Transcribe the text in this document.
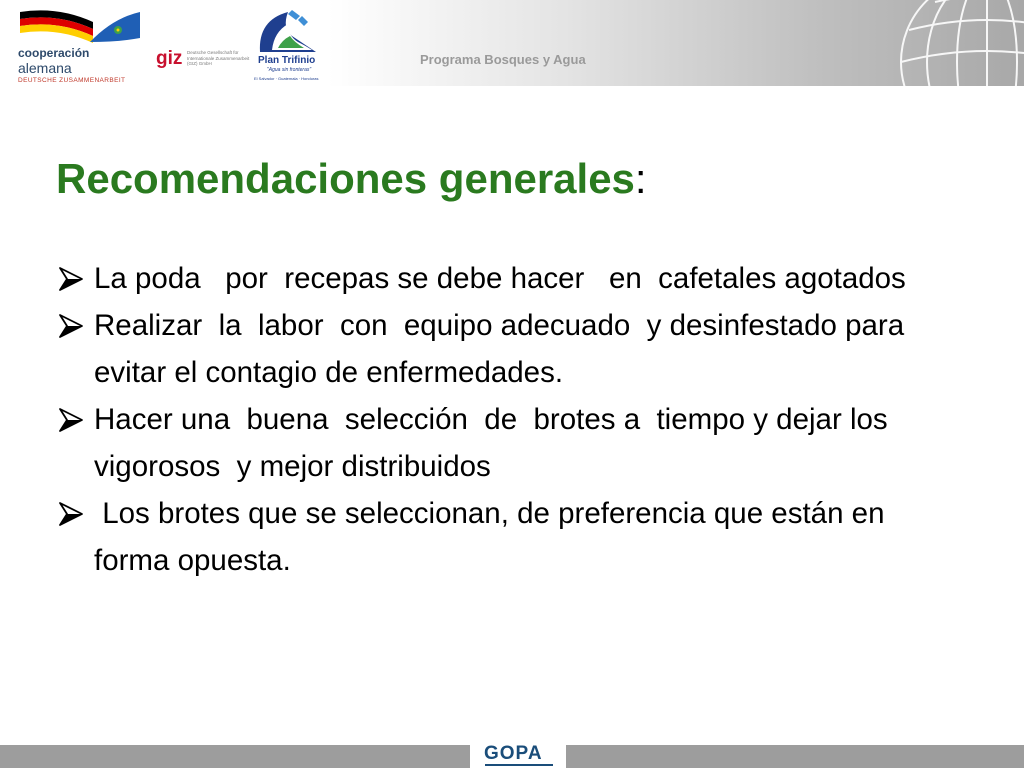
cooperación
alemana
DEUTSCHE ZUSAMMENARBEIT
giz Deutsche Gesellschaft für Internationale Zusammenarbeit (GIZ) GmbH	Plan Trifinio
"Agua sin fronteras"
El Salvador · Guatemala · Honduras
Programa Bosques y Agua
Recomendaciones generales:
La poda   por  recepas se debe hacer   en  cafetales agotados
Realizar  la  labor  con  equipo adecuado  y desinfestado para evitar el contagio de enfermedades.
Hacer una  buena  selección  de  brotes a  tiempo y dejar los  vigorosos  y mejor distribuidos
Los brotes que se seleccionan, de preferencia que están en forma opuesta.
GOPA
